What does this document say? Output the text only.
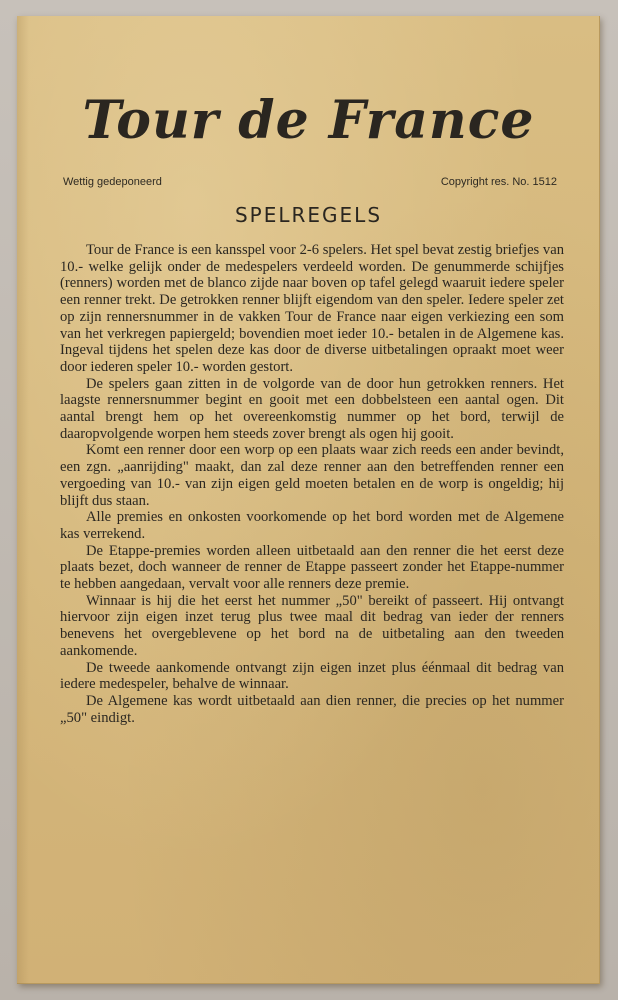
Tour de France
Wettig gedeponeerd	Copyright res. No. 1512
SPELREGELS

Tour de France is een kansspel voor 2-6 spelers. Het spel bevat zestig briefjes van 10.- welke gelijk onder de medespelers verdeeld worden. De genummerde schijfjes (renners) worden met de blanco zijde naar boven op tafel gelegd waaruit iedere speler een renner trekt. De getrokken renner blijft eigendom van den speler. Iedere speler zet op zijn rennersnummer in de vakken Tour de France naar eigen verkiezing een som van het verkregen papiergeld; bovendien moet ieder 10.- betalen in de Algemene kas. Ingeval tijdens het spelen deze kas door de diverse uitbetalingen opraakt moet weer door iederen speler 10.- worden gestort.

De spelers gaan zitten in de volgorde van de door hun getrokken renners. Het laagste rennersnummer begint en gooit met een dobbelsteen een aantal ogen. Dit aantal brengt hem op het overeenkomstig nummer op het bord, terwijl de daaropvolgende worpen hem steeds zover brengt als ogen hij gooit.

Komt een renner door een worp op een plaats waar zich reeds een ander bevindt, een zgn. „aanrijding" maakt, dan zal deze renner aan den betreffenden renner een vergoeding van 10.- van zijn eigen geld moeten betalen en de worp is ongeldig; hij blijft dus staan.

Alle premies en onkosten voorkomende op het bord worden met de Algemene kas verrekend.

De Etappe-premies worden alleen uitbetaald aan den renner die het eerst deze plaats bezet, doch wanneer de renner de Etappe passeert zonder het Etappe-nummer te hebben aangedaan, vervalt voor alle renners deze premie.

Winnaar is hij die het eerst het nummer „50" bereikt of passeert. Hij ontvangt hiervoor zijn eigen inzet terug plus twee maal dit bedrag van ieder der renners benevens het overgeblevene op het bord na de uitbetaling aan den tweeden aankomende.

De tweede aankomende ontvangt zijn eigen inzet plus éénmaal dit bedrag van iedere medespeler, behalve de winnaar.

De Algemene kas wordt uitbetaald aan dien renner, die precies op het nummer „50" eindigt.
